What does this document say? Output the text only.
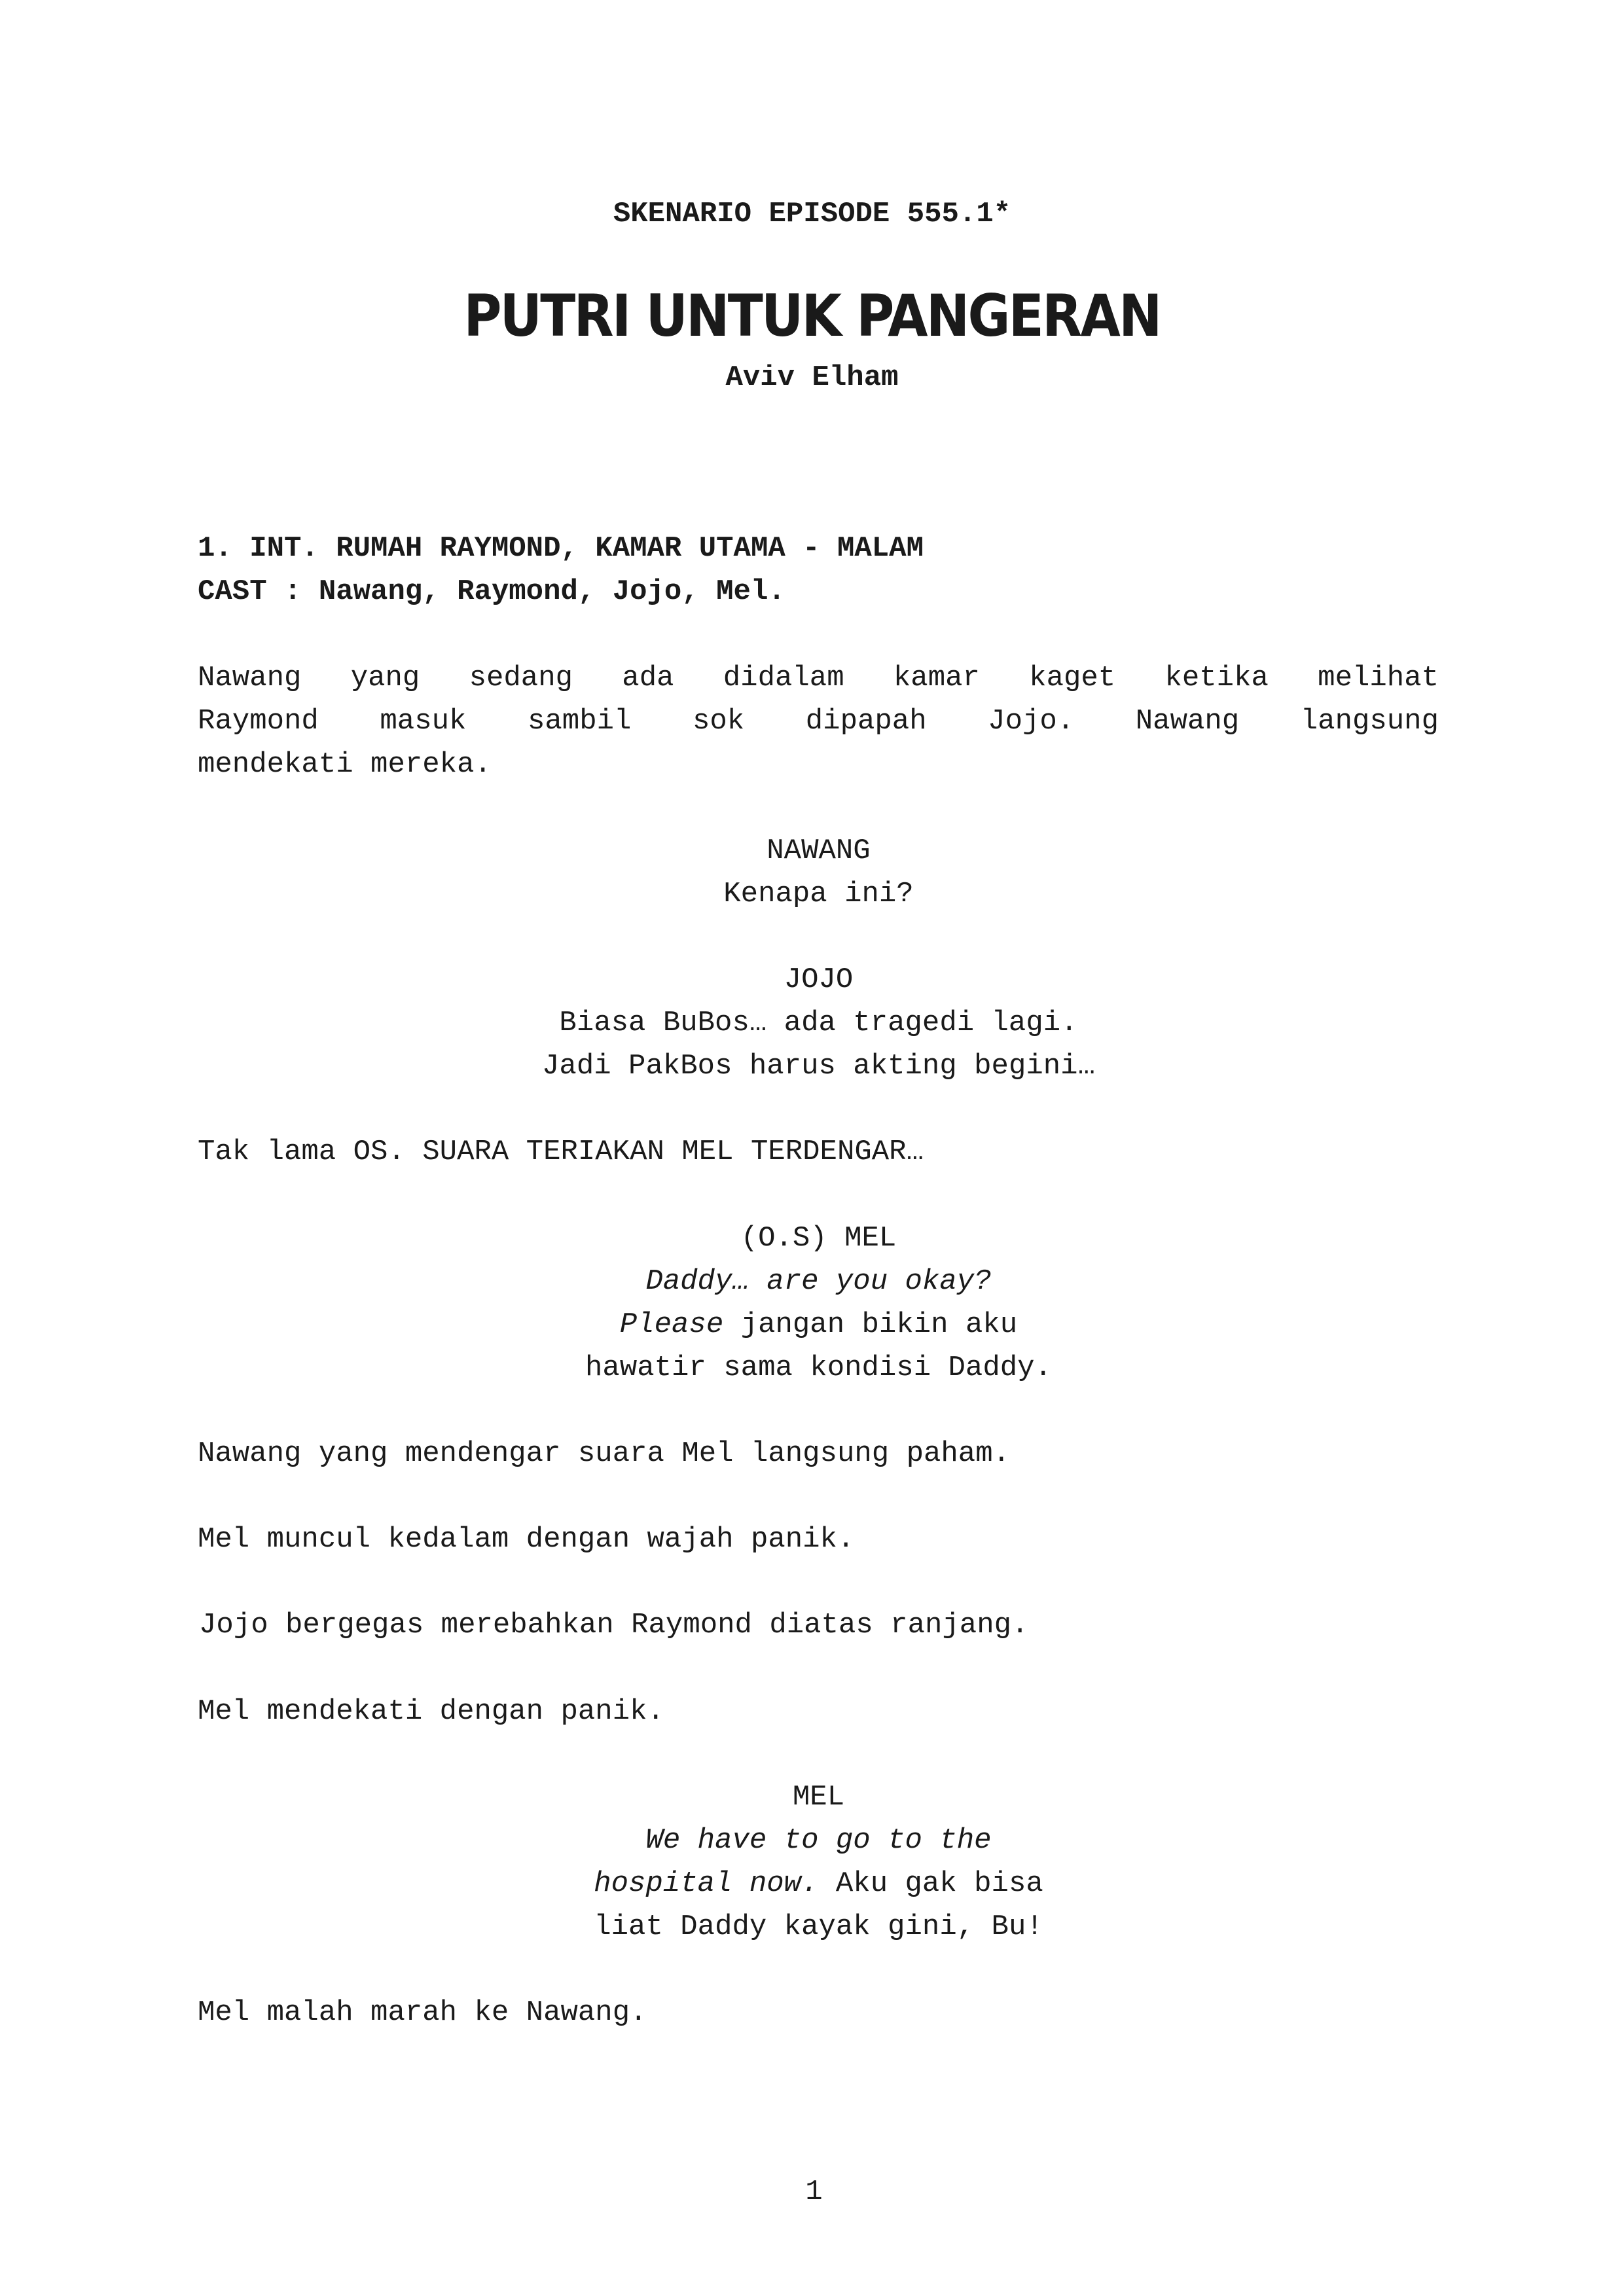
SKENARIO EPISODE 555.1*

PUTRI UNTUK PANGERAN

Aviv Elham

1. INT. RUMAH RAYMOND, KAMAR UTAMA - MALAM

CAST : Nawang, Raymond, Jojo, Mel.

Nawang yang sedang ada didalam kamar kaget ketika melihat
Raymond masuk sambil sok dipapah Jojo. Nawang langsung
mendekati mereka.

NAWANG

Kenapa ini?

JOJO

Biasa BuBos… ada tragedi lagi.

Jadi PakBos harus akting begini…

Tak lama OS. SUARA TERIAKAN MEL TERDENGAR…

(O.S) MEL

Daddy… are you okay?

Please jangan bikin aku

hawatir sama kondisi Daddy.

Nawang yang mendengar suara Mel langsung paham.

Mel muncul kedalam dengan wajah panik.

Jojo bergegas merebahkan Raymond diatas ranjang.

Mel mendekati dengan panik.

MEL

We have to go to the

hospital now. Aku gak bisa

liat Daddy kayak gini, Bu!

Mel malah marah ke Nawang.

1
